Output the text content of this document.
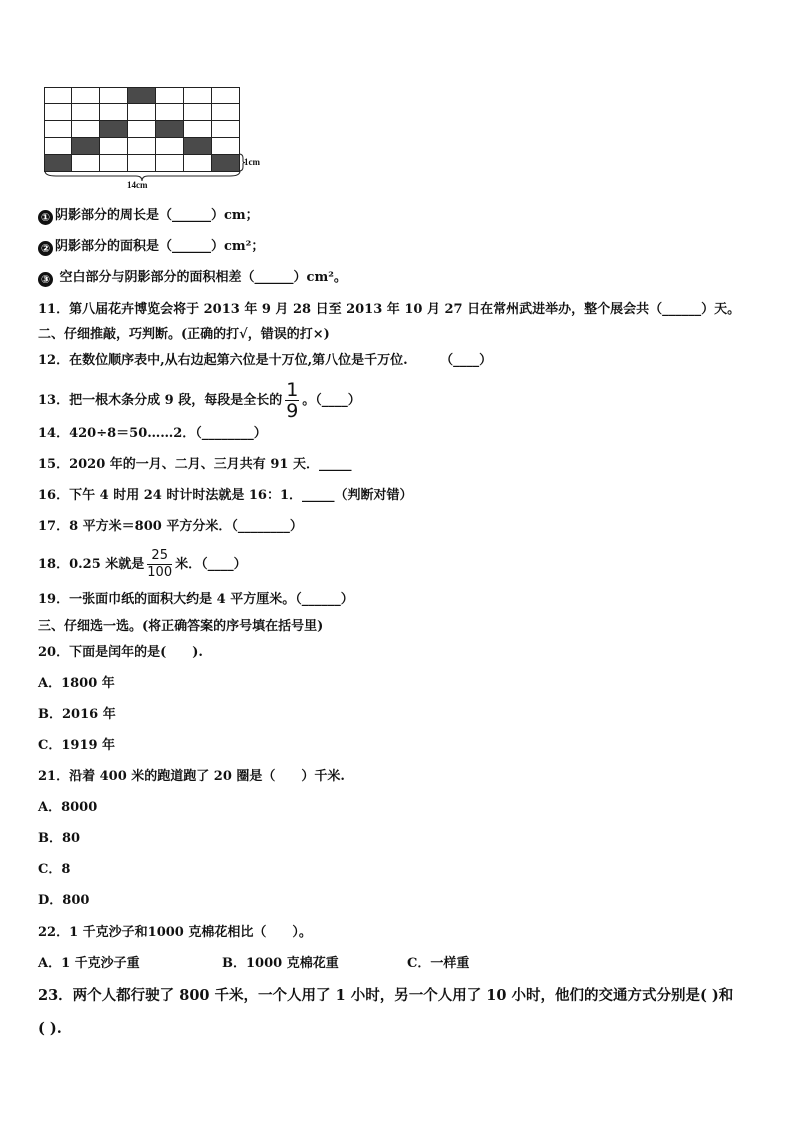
14cm
1cm
① 阴影部分的周长是（______）cm；
② 阴影部分的面积是（______）cm²；
③ 空白部分与阴影部分的面积相差（______）cm²。
11．第八届花卉博览会将于 2013 年 9 月 28 日至 2013 年 10 月 27 日在常州武进举办，整个展会共（______）天。
二、仔细推敲，巧判断。(正确的打√，错误的打×)
12．在数位顺序表中,从右边起第六位是十万位,第八位是千万位.　　　（____）
13．把一根木条分成 9 段，每段是全长的 $\frac{1}{9}$ 。（____）
14．420÷8＝50……2．（________）
15．2020 年的一月、二月、三月共有 91 天．_____
16．下午 4 时用 24 时计时法就是 16：1．_____（判断对错）
17．8 平方米＝800 平方分米．（________）
18．0.25 米就是 $\frac{25}{100}$ 米．（____）
19．一张面巾纸的面积大约是 4 平方厘米。（______）
三、仔细选一选。(将正确答案的序号填在括号里)
20．下面是闰年的是(　　).
A．1800 年
B．2016 年
C．1919 年
21．沿着 400 米的跑道跑了 20 圈是（　　）千米.
A．8000
B．80
C．8
D．800
22．1 千克沙子和1000 克棉花相比（　　）。
A．1 千克沙子重	B．1000 克棉花重	C．一样重
23．两个人都行驶了 800 千米，一个人用了 1 小时，另一个人用了 10 小时，他们的交通方式分别是( )和
( ).
